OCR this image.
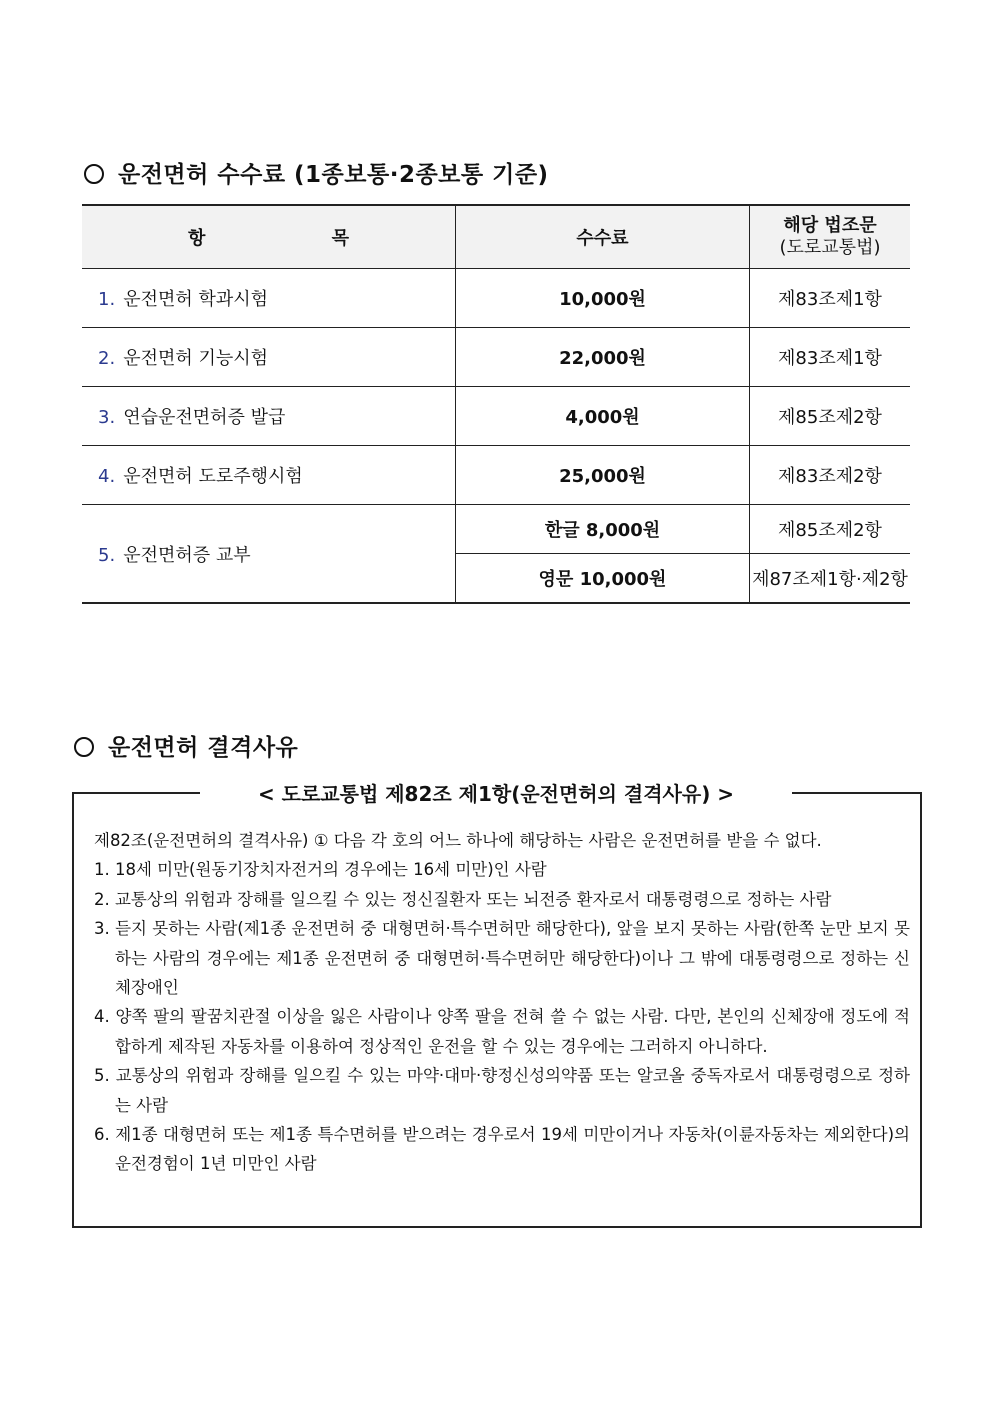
운전면허 수수료 (1종보통·2종보통 기준)
항 목	수수료	해당 법조문
(도로교통법)

1. 운전면허 학과시험	10,000원	제83조제1항
2. 운전면허 기능시험	22,000원	제83조제1항
3. 연습운전면허증 발급	4,000원	제85조제2항
4. 운전면허 도로주행시험	25,000원	제83조제2항
5. 운전면허증 교부	한글 8,000원	제85조제2항
	영문 10,000원	제87조제1항·제2항
운전면허 결격사유
< 도로교통법 제82조 제1항(운전면허의 결격사유) >

제82조(운전면허의 결격사유) ① 다음 각 호의 어느 하나에 해당하는 사람은 운전면허를 받을 수 없다.

1. 18세 미만(원동기장치자전거의 경우에는 16세 미만)인 사람

2. 교통상의 위험과 장해를 일으킬 수 있는 정신질환자 또는 뇌전증 환자로서 대통령령으로 정하는 사람

3. 듣지 못하는 사람(제1종 운전면허 중 대형면허·특수면허만 해당한다), 앞을 보지 못하는 사람(한쪽 눈만 보지 못하는 사람의 경우에는 제1종 운전면허 중 대형면허·특수면허만 해당한다)이나 그 밖에 대통령령으로 정하는 신체장애인

4. 양쪽 팔의 팔꿈치관절 이상을 잃은 사람이나 양쪽 팔을 전혀 쓸 수 없는 사람. 다만, 본인의 신체장애 정도에 적합하게 제작된 자동차를 이용하여 정상적인 운전을 할 수 있는 경우에는 그러하지 아니하다.

5. 교통상의 위험과 장해를 일으킬 수 있는 마약·대마·향정신성의약품 또는 알코올 중독자로서 대통령령으로 정하는 사람

6. 제1종 대형면허 또는 제1종 특수면허를 받으려는 경우로서 19세 미만이거나 자동차(이륜자동차는 제외한다)의 운전경험이 1년 미만인 사람
